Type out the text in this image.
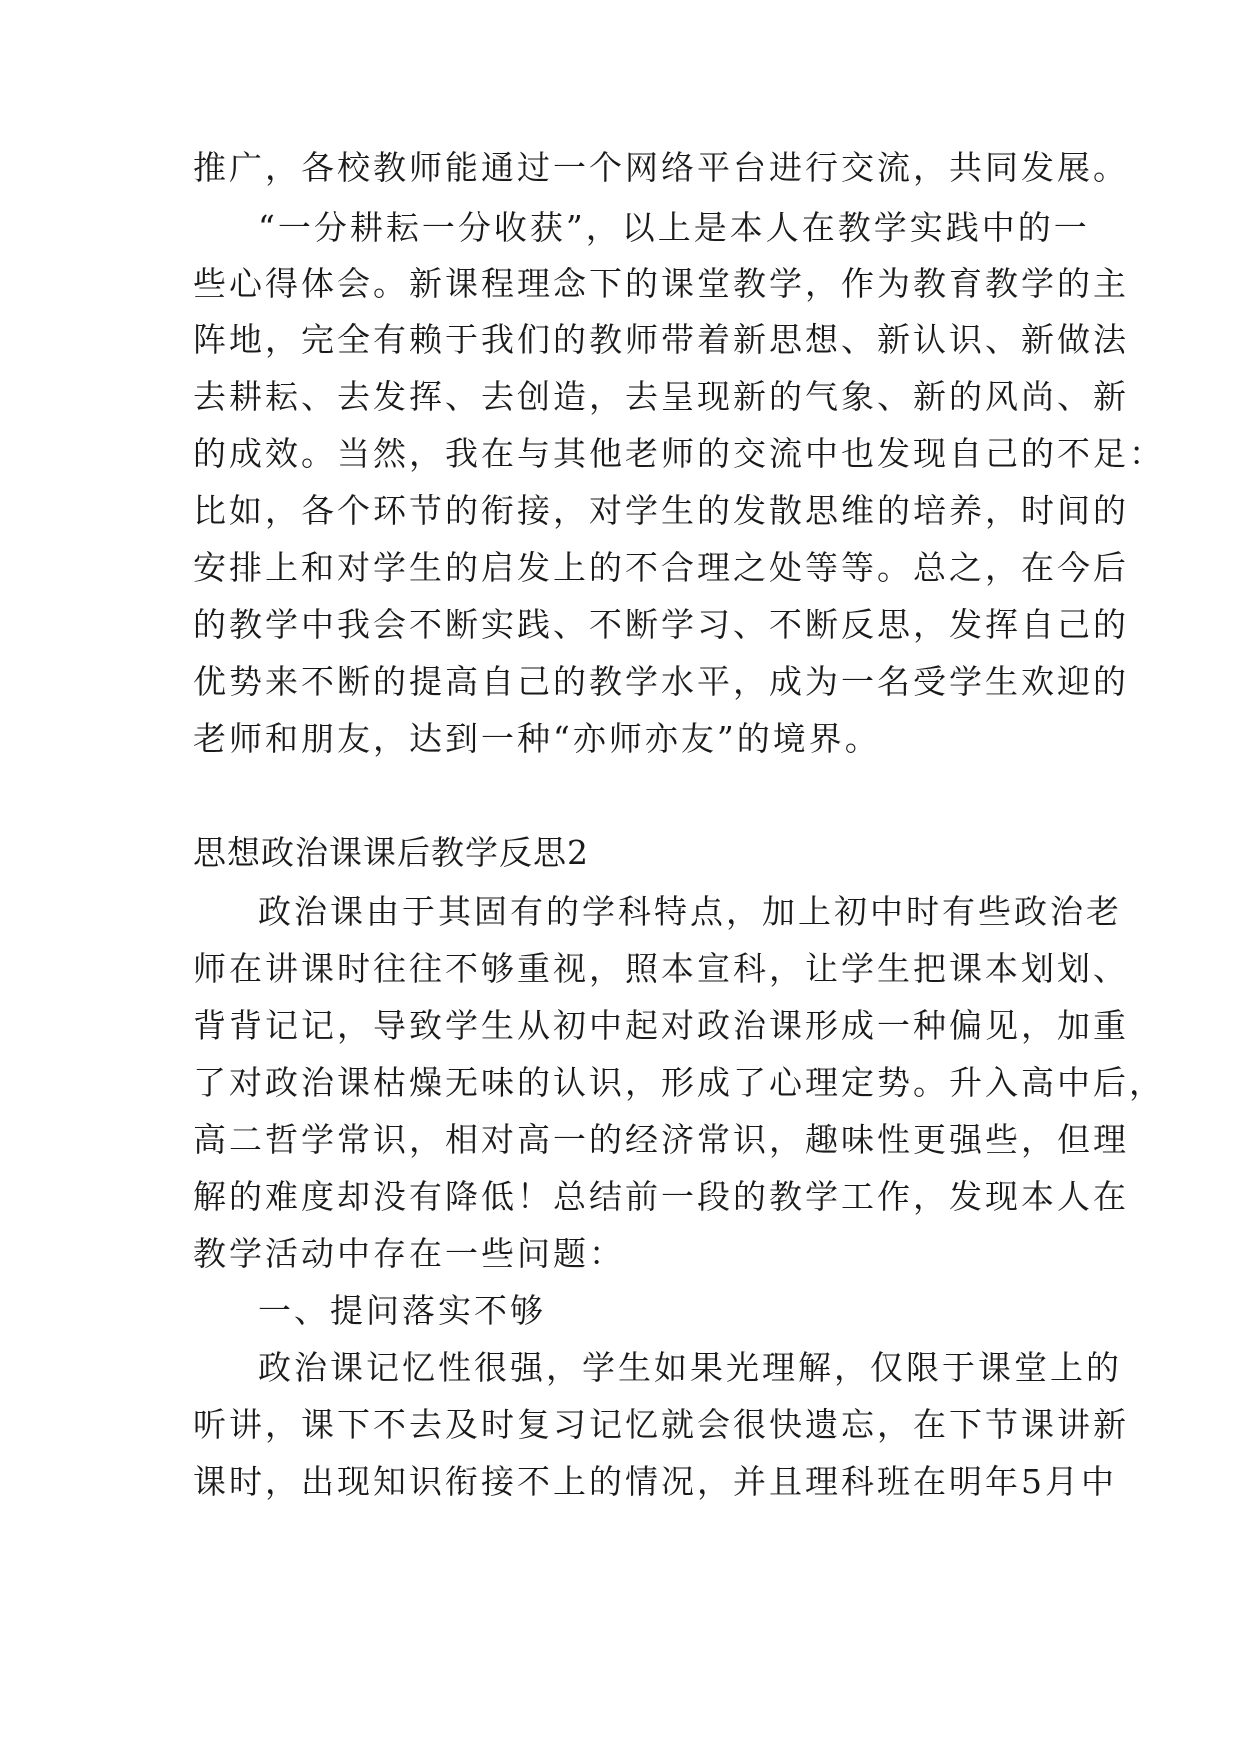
推广，各校教师能通过一个网络平台进行交流，共同发展。
“一分耕耘一分收获”，以上是本人在教学实践中的一
些心得体会。新课程理念下的课堂教学，作为教育教学的主
阵地，完全有赖于我们的教师带着新思想、新认识、新做法
去耕耘、去发挥、去创造，去呈现新的气象、新的风尚、新
的成效。当然，我在与其他老师的交流中也发现自己的不足：
比如，各个环节的衔接，对学生的发散思维的培养，时间的
安排上和对学生的启发上的不合理之处等等。总之，在今后
的教学中我会不断实践、不断学习、不断反思，发挥自己的
优势来不断的提高自己的教学水平，成为一名受学生欢迎的
老师和朋友，达到一种“亦师亦友”的境界。
思想政治课课后教学反思2
政治课由于其固有的学科特点，加上初中时有些政治老
师在讲课时往往不够重视，照本宣科，让学生把课本划划、
背背记记，导致学生从初中起对政治课形成一种偏见，加重
了对政治课枯燥无味的认识，形成了心理定势。升入高中后，
高二哲学常识，相对高一的经济常识，趣味性更强些，但理
解的难度却没有降低！总结前一段的教学工作，发现本人在
教学活动中存在一些问题：
一、提问落实不够
政治课记忆性很强，学生如果光理解，仅限于课堂上的
听讲，课下不去及时复习记忆就会很快遗忘，在下节课讲新
课时，出现知识衔接不上的情况，并且理科班在明年5月中
